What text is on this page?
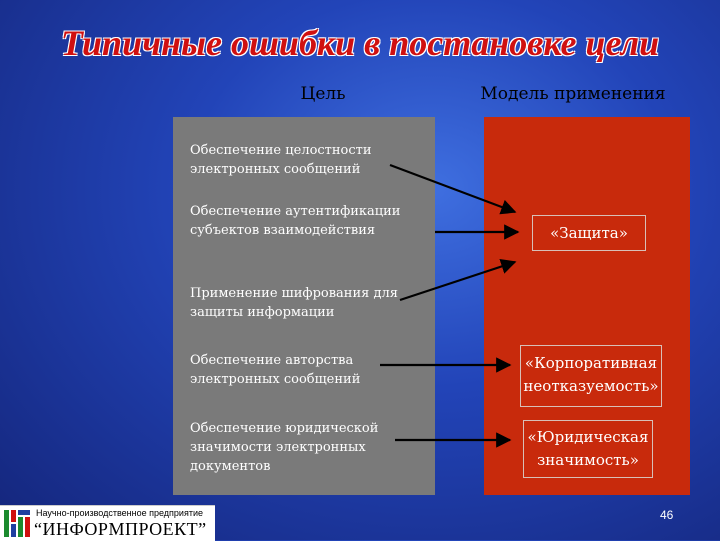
Типичные ошибки в постановке цели
Цель	Модель применения
Обеспечение целостности
электронных сообщений
Обеспечение аутентификации
субъектов взаимодействия
Применение шифрования для
защиты информации
Обеспечение авторства
электронных сообщений
Обеспечение юридической
значимости электронных
документов
«Защита»
«Корпоративная
неотказуемость»
«Юридическая
значимость»
Научно-производственное предприятие
“ИНФОРМПРОЕКТ”
46
